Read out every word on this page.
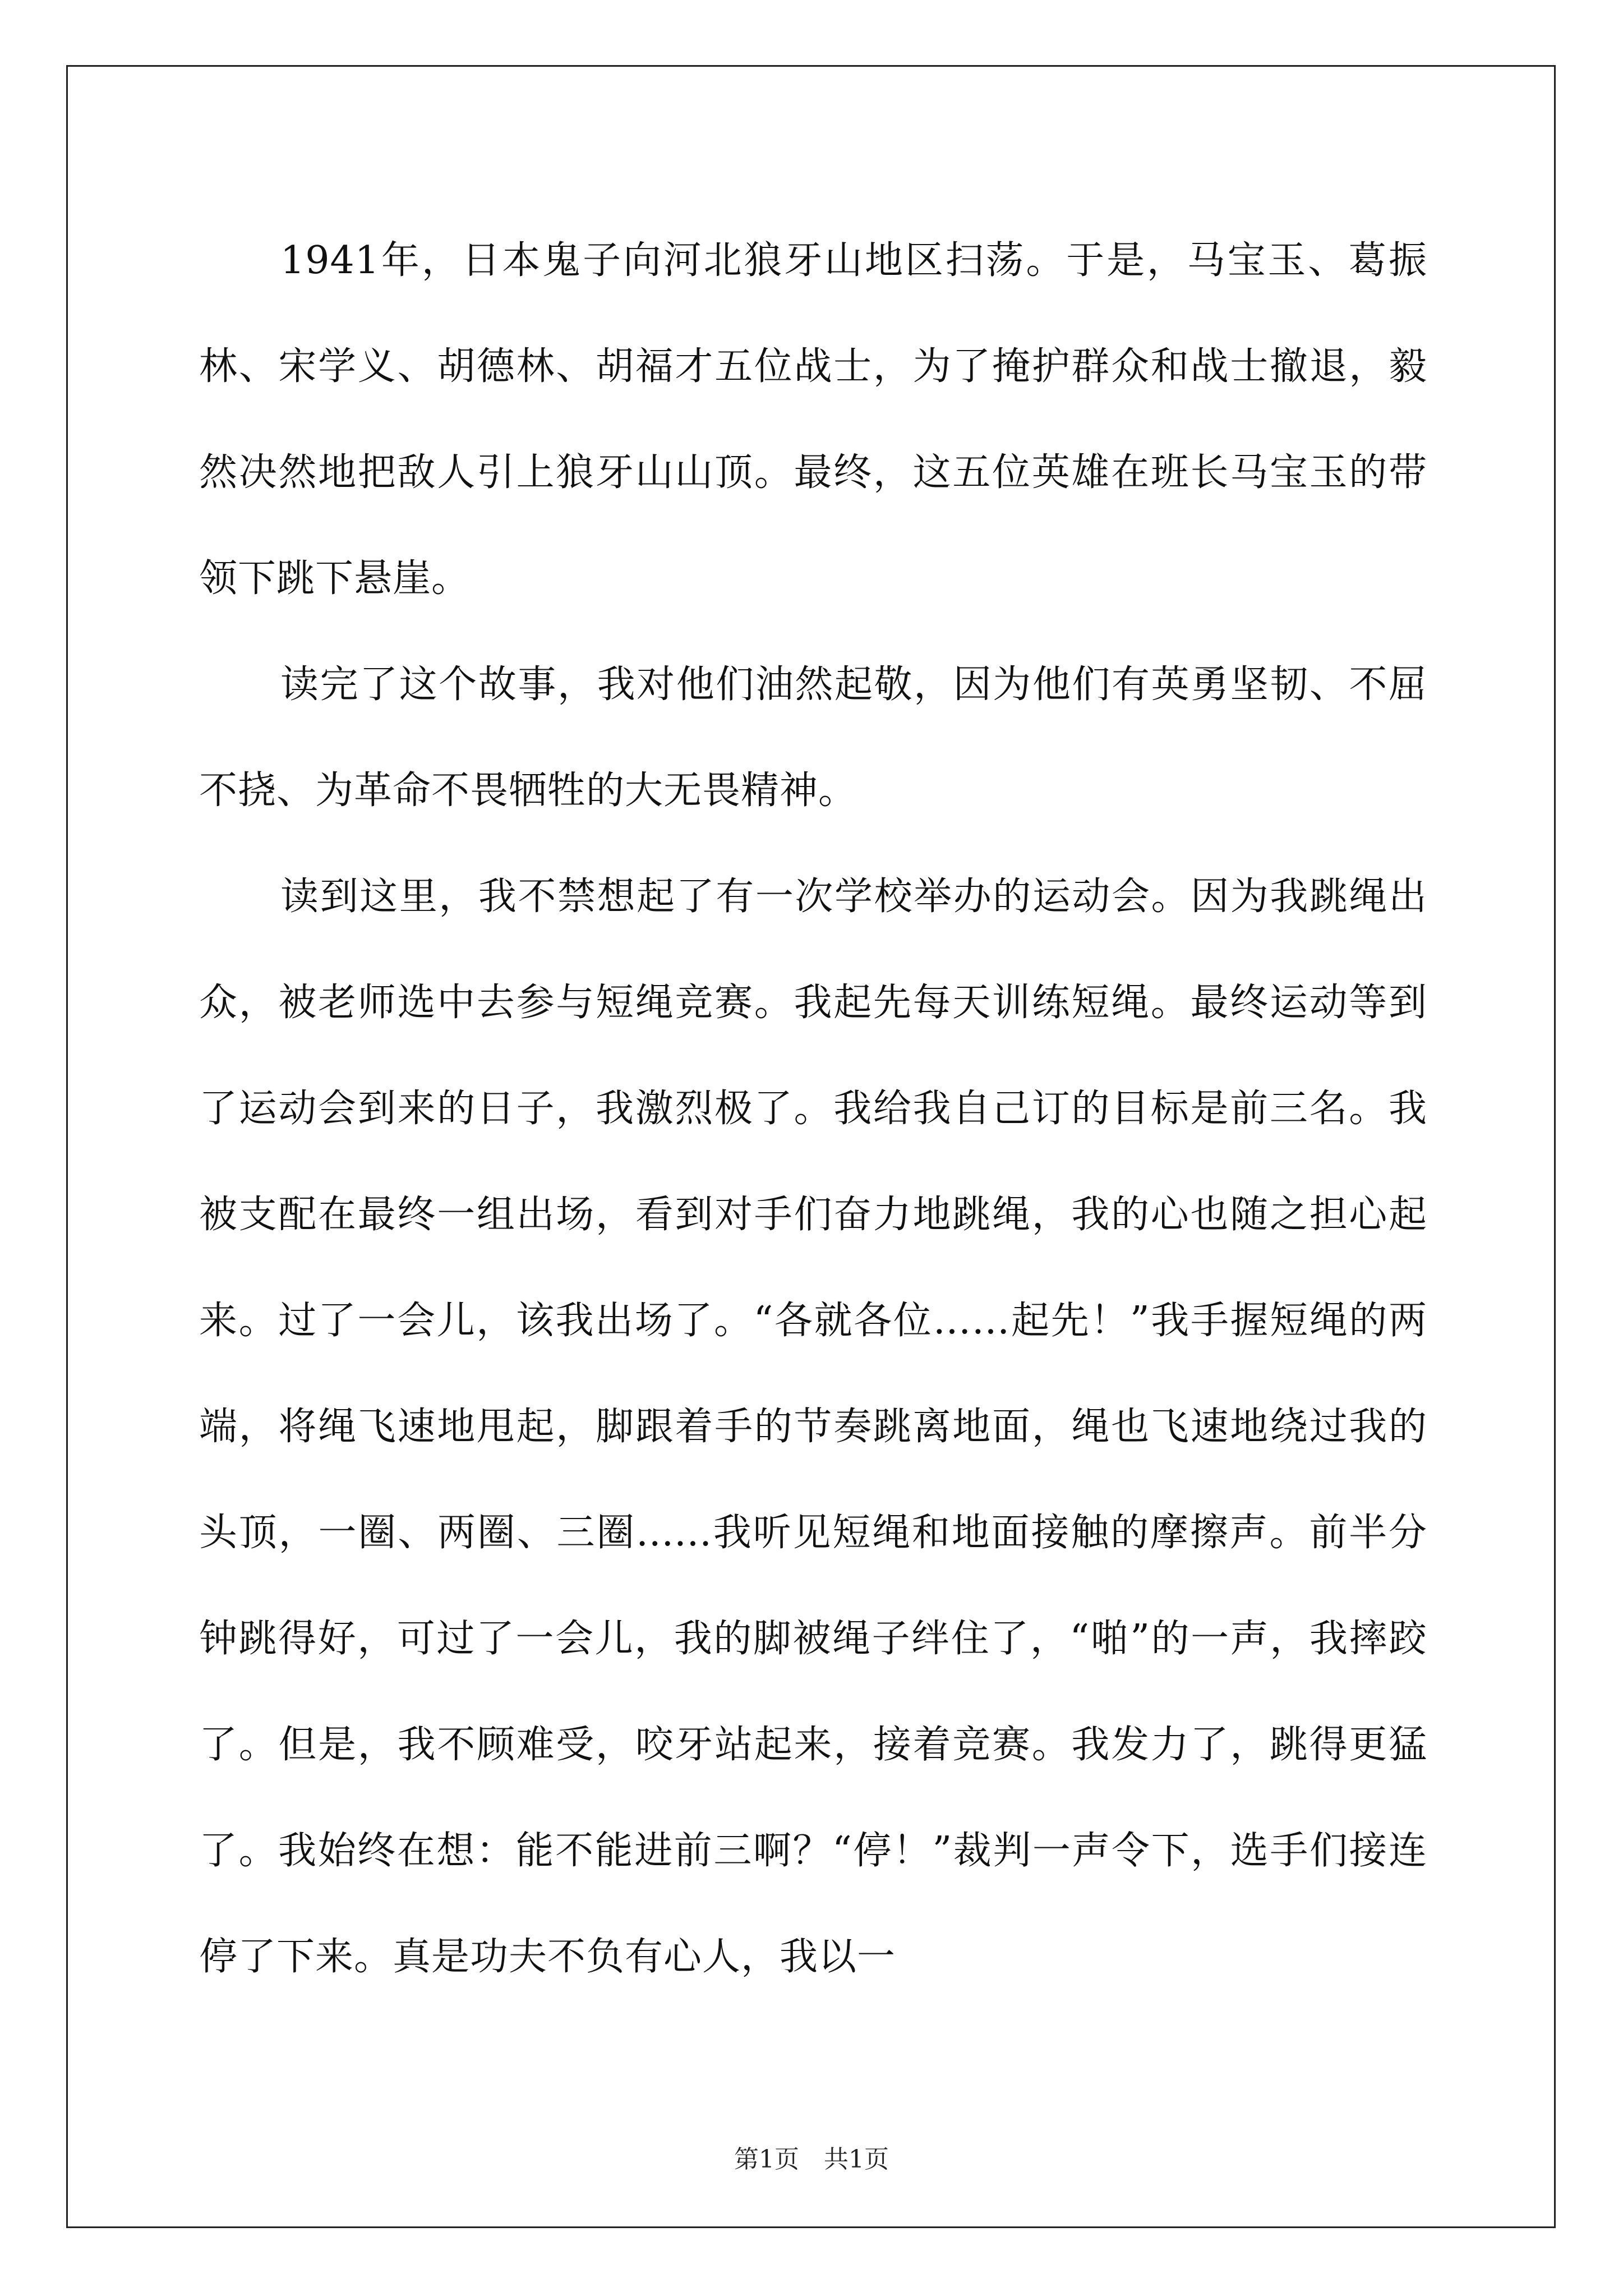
1941年，日本鬼子向河北狼牙山地区扫荡。于是，马宝玉、葛振林、宋学义、胡德林、胡福才五位战士，为了掩护群众和战士撤退，毅然决然地把敌人引上狼牙山山顶。最终，这五位英雄在班长马宝玉的带领下跳下悬崖。

读完了这个故事，我对他们油然起敬，因为他们有英勇坚韧、不屈不挠、为革命不畏牺牲的大无畏精神。

读到这里，我不禁想起了有一次学校举办的运动会。因为我跳绳出众，被老师选中去参与短绳竞赛。我起先每天训练短绳。最终运动等到了运动会到来的日子，我激烈极了。我给我自己订的目标是前三名。我被支配在最终一组出场，看到对手们奋力地跳绳，我的心也随之担心起来。过了一会儿，该我出场了。“各就各位……起先！”我手握短绳的两端，将绳飞速地甩起，脚跟着手的节奏跳离地面，绳也飞速地绕过我的头顶，一圈、两圈、三圈......我听见短绳和地面接触的摩擦声。前半分钟跳得好，可过了一会儿，我的脚被绳子绊住了，“啪”的一声，我摔跤了。但是，我不顾难受，咬牙站起来，接着竞赛。我发力了，跳得更猛了。我始终在想：能不能进前三啊？“停！”裁判一声令下，选手们接连停了下来。真是功夫不负有心人，我以一

第1页　共1页
